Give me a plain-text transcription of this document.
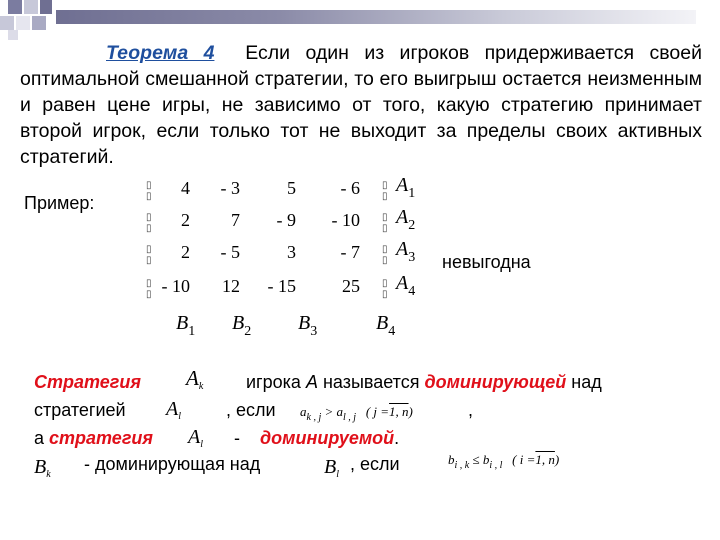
Теорема 4 Если один из игроков придерживается своей оптимальной смешанной стратегии, то его выигрыш остается неизменным и равен цене игры, не зависимо от того, какую стратегию принимает второй игрок, если только тот не выходит за пределы своих активных стратегий.
Пример:
4	- 3	5	- 6
▯
▯
▯
▯
$A_1$
2	7	- 9	- 10
▯
▯
▯
▯
$A_2$
2	- 5	3	- 7
▯
▯
▯
▯
$A_3$
- 10	12	- 15	25
▯
▯
▯
▯
$A_4$
$B_1$ $B_2$ $B_3$	$B_4$
невыгодна
Стратегия $A_k$ игрока A называется доминирующей над
стратегией $A_l$	, если $a_{k , j} > a_{l , j}$ ( j =1, n)	,
а стратегия $A_l$ - доминируемой.
$B_k$
- доминирующая над	$B_l$
, если	$b_{i , k} \le b_{i , l}$ ( i =1, n)
